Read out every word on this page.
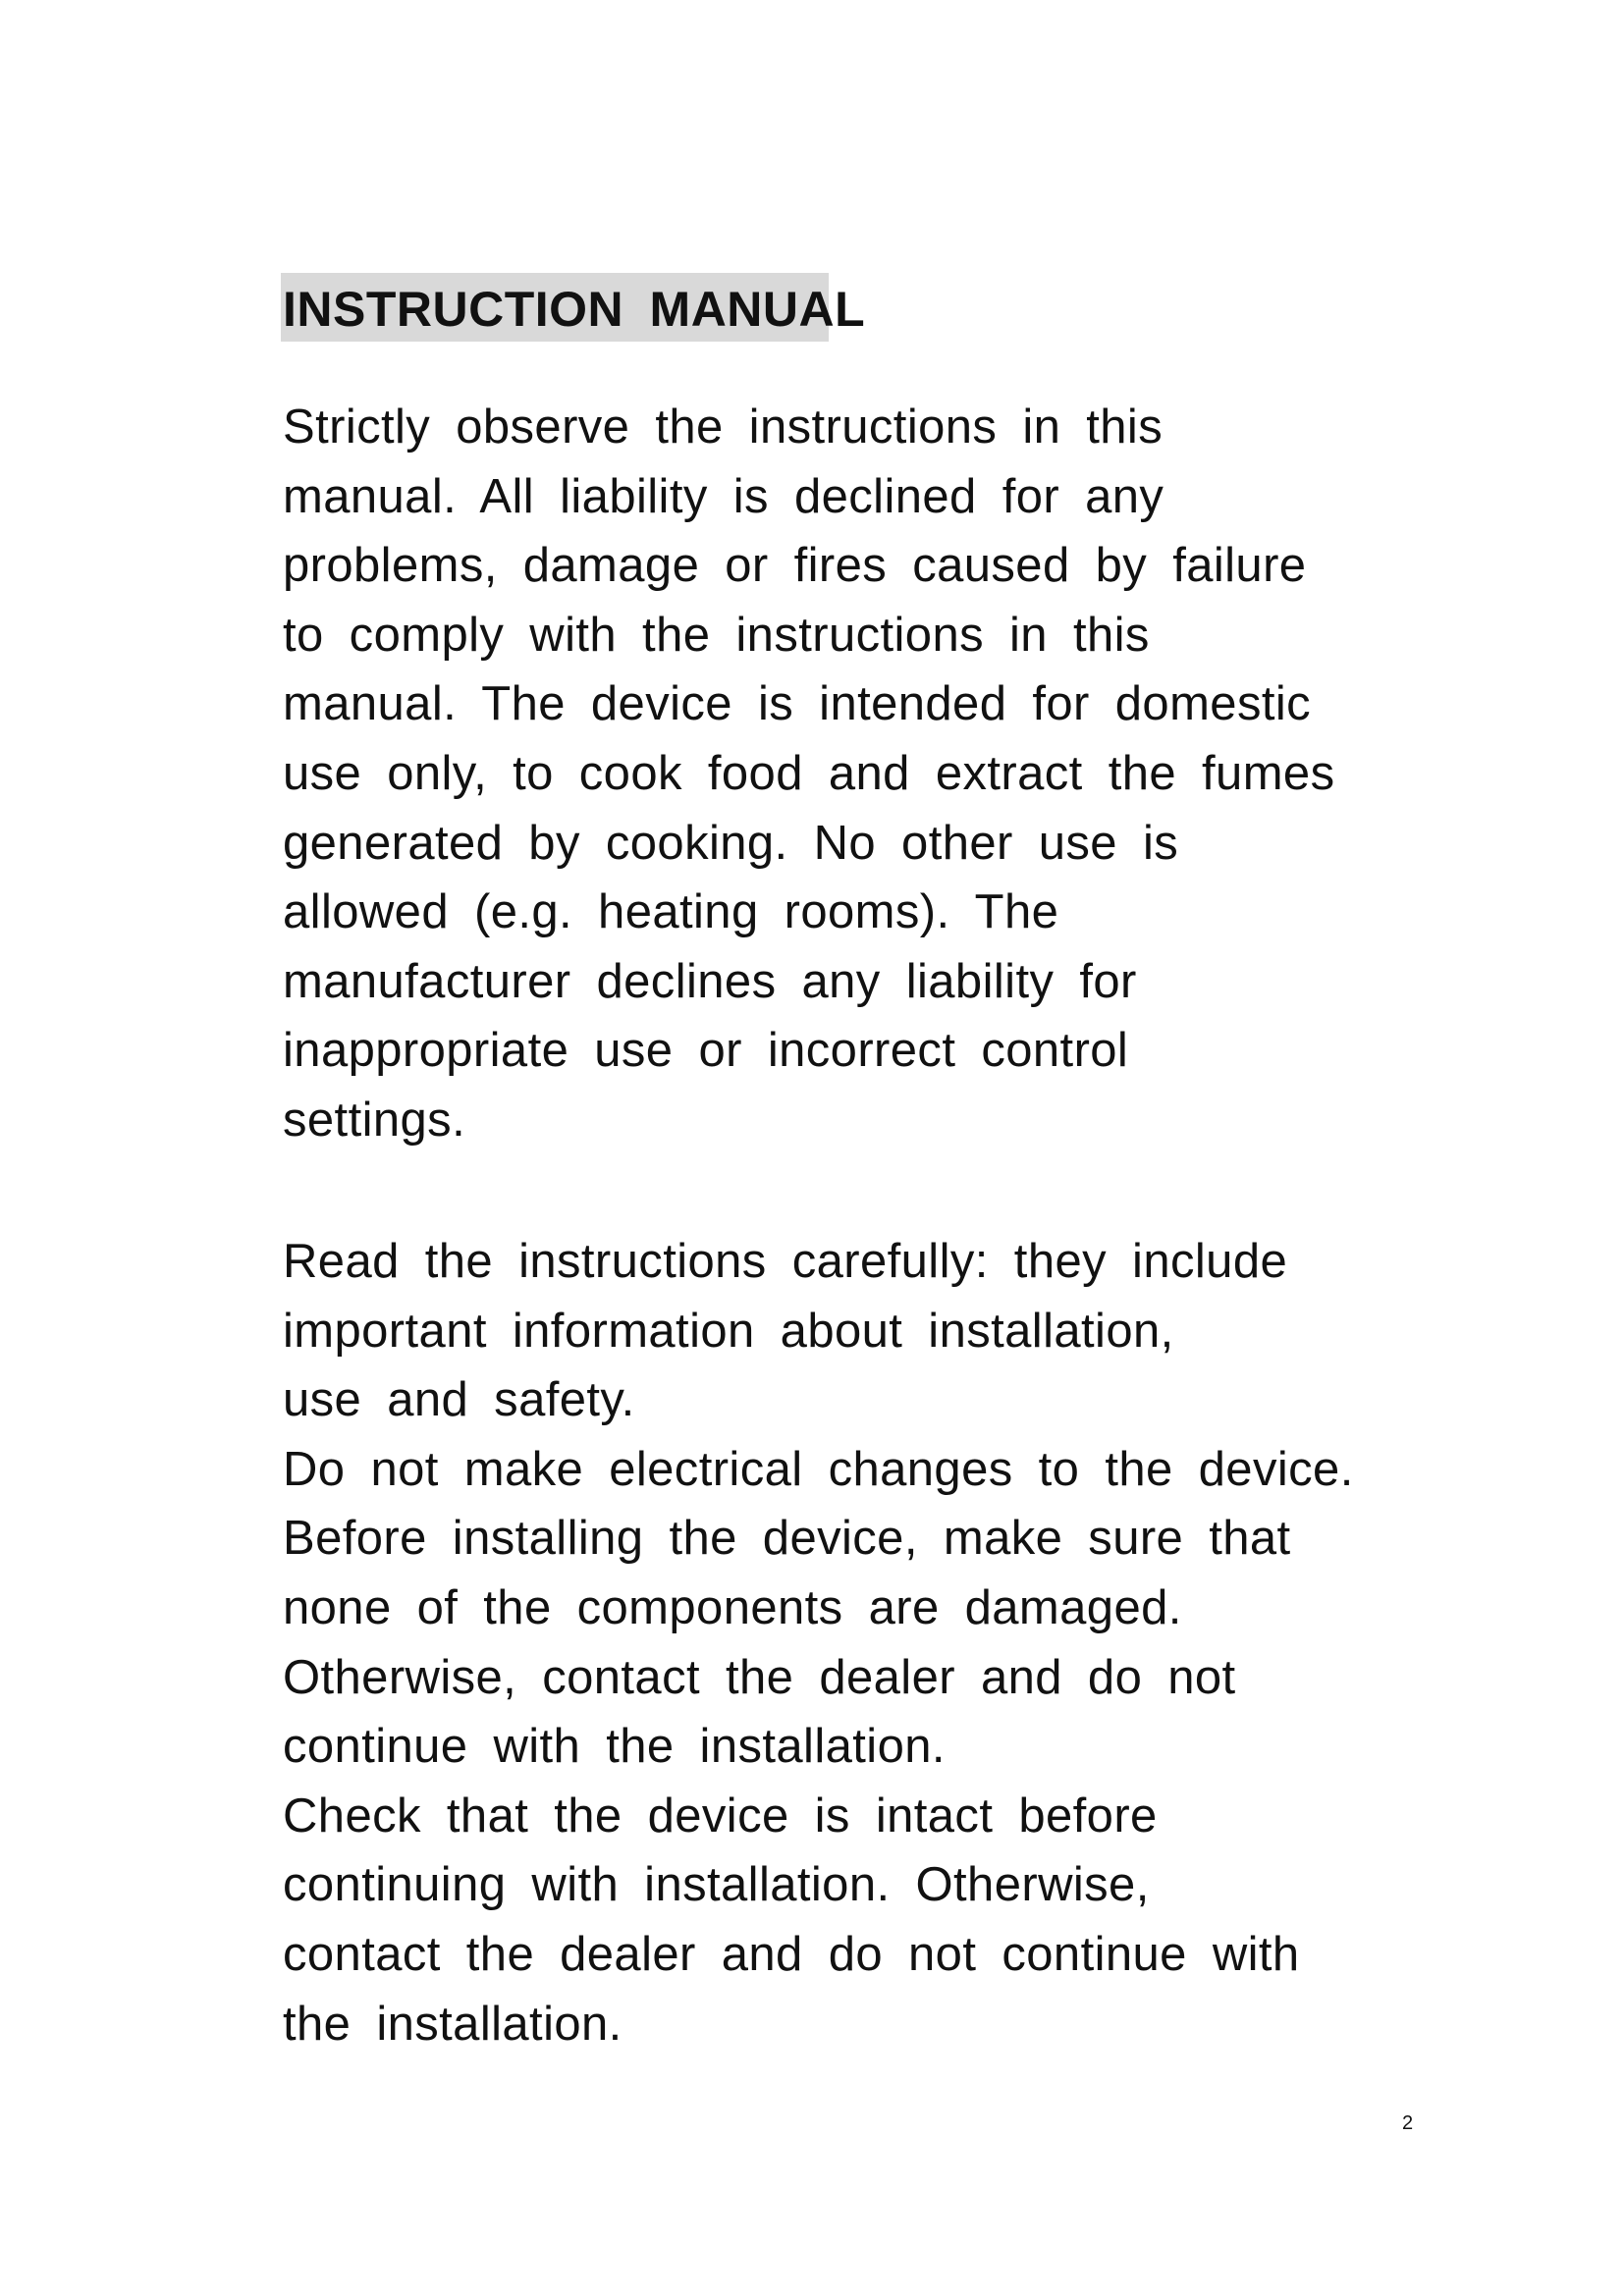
INSTRUCTION MANUAL
Strictly observe the instructions in this
manual. All liability is declined for any
problems, damage or fires caused by failure
to comply with the instructions in this
manual. The device is intended for domestic
use only, to cook food and extract the fumes
generated by cooking. No other use is
allowed (e.g. heating rooms). The
manufacturer declines any liability for
inappropriate use or incorrect control
settings.
Read the instructions carefully: they include
important information about installation,
use and safety.
Do not make electrical changes to the device.
Before installing the device, make sure that
none of the components are damaged.
Otherwise, contact the dealer and do not
continue with the installation.
Check that the device is intact before
continuing with installation. Otherwise,
contact the dealer and do not continue with
the installation.
2
